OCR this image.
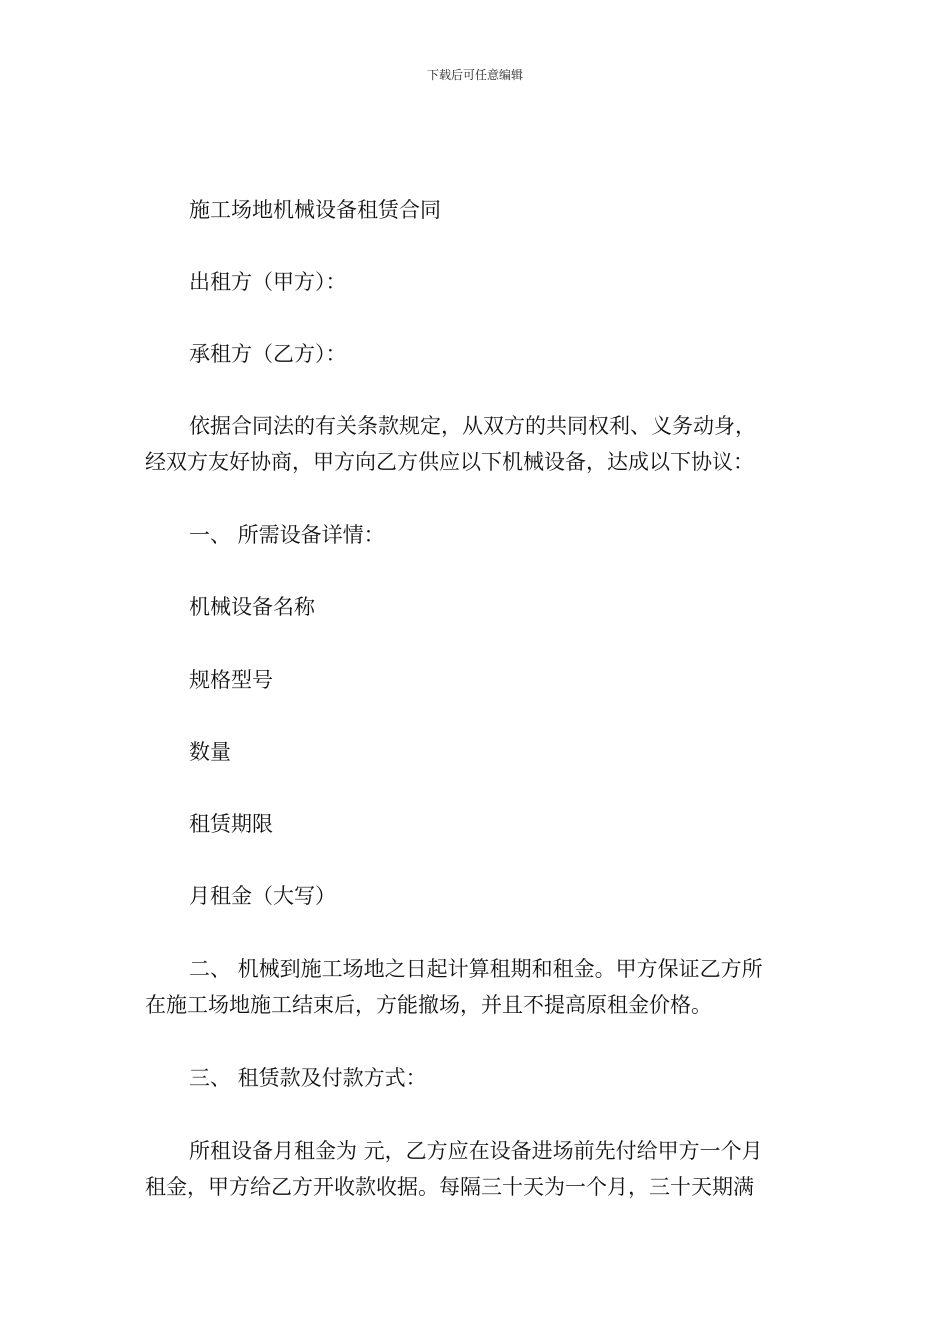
下载后可任意编辑
施工场地机械设备租赁合同
出租方（甲方）：
承租方（乙方）：
依据合同法的有关条款规定，从双方的共同权利、义务动身，
经双方友好协商，甲方向乙方供应以下机械设备，达成以下协议：
一、 所需设备详情：
机械设备名称
规格型号
数量
租赁期限
月租金（大写）
二、 机械到施工场地之日起计算租期和租金。甲方保证乙方所
在施工场地施工结束后，方能撤场，并且不提高原租金价格。
三、 租赁款及付款方式：
所租设备月租金为 元，乙方应在设备进场前先付给甲方一个月
租金，甲方给乙方开收款收据。每隔三十天为一个月，三十天期满
